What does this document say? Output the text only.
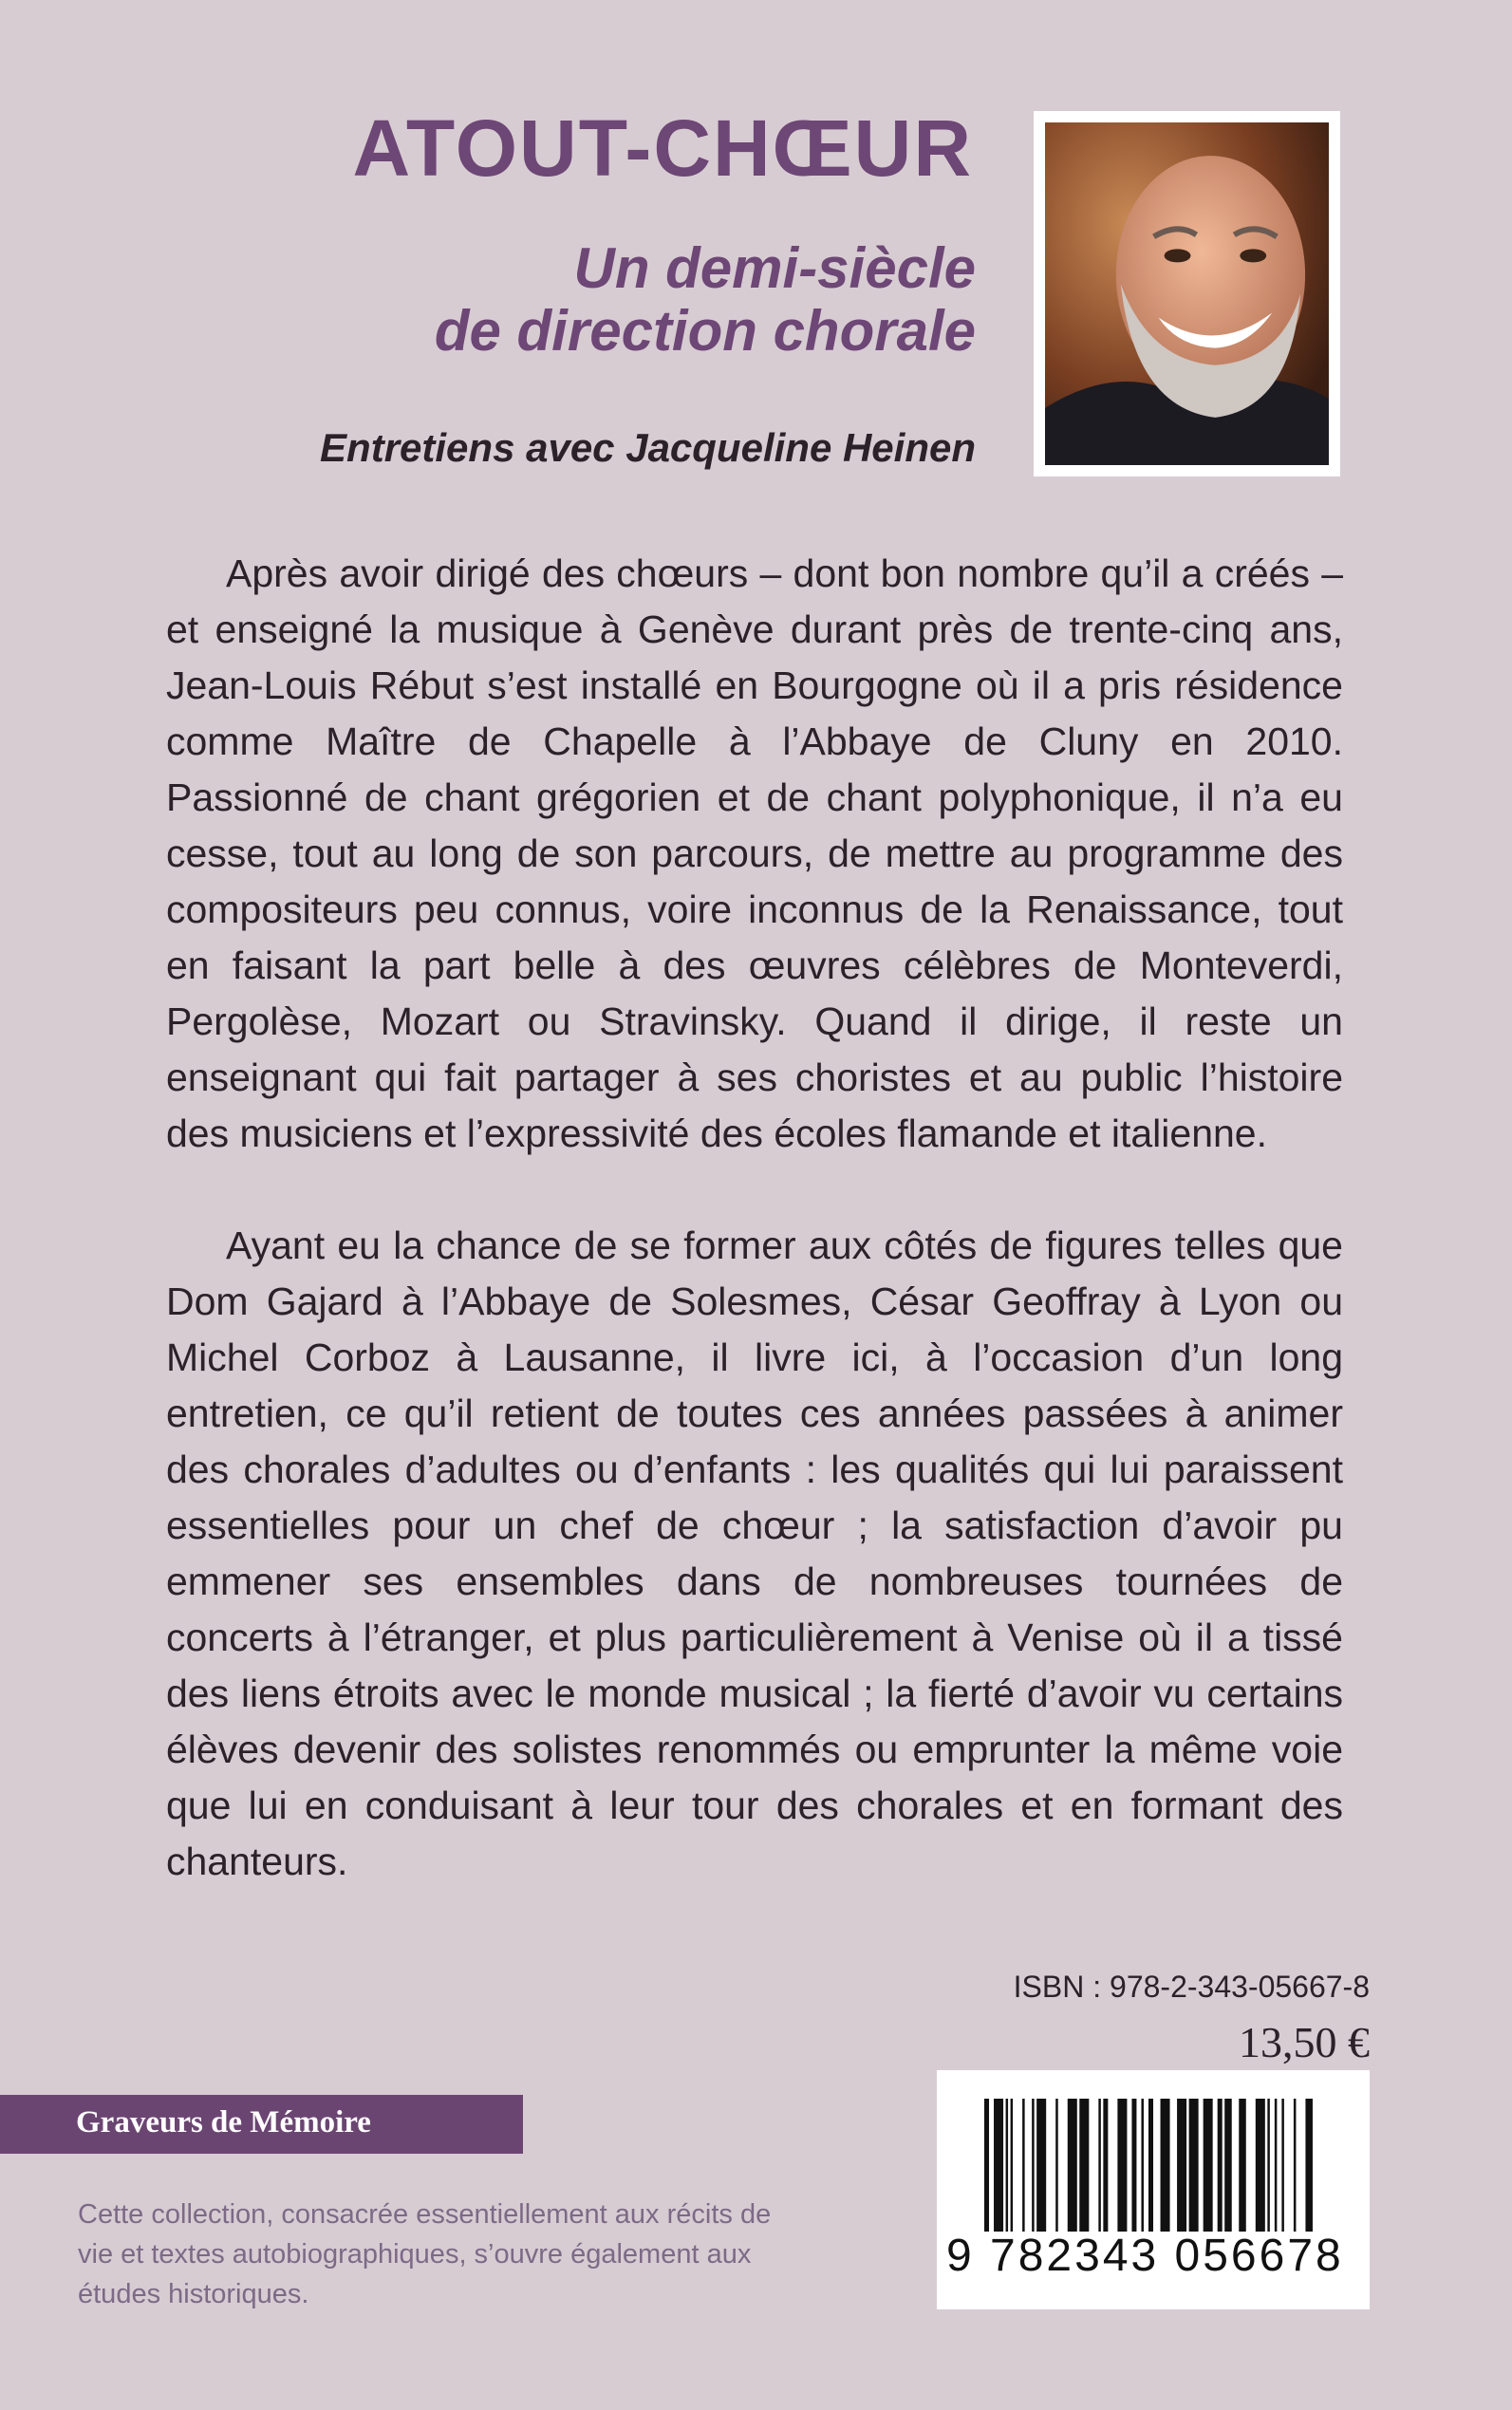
ATOUT-CHŒUR
Un demi-siècle
de direction chorale
Entretiens avec Jacqueline Heinen

Après avoir dirigé des chœurs – dont bon nombre qu’il a créés – et enseigné la musique à Genève durant près de trente-cinq ans, Jean-Louis Rébut s’est installé en Bourgogne où il a pris résidence comme Maître de Chapelle à l’Abbaye de Cluny en 2010. Passionné de chant grégorien et de chant polyphonique, il n’a eu cesse, tout au long de son parcours, de mettre au programme des compositeurs peu connus, voire inconnus de la Renaissance, tout en faisant la part belle à des œuvres célèbres de Monteverdi, Pergolèse, Mozart ou Stravinsky. Quand il dirige, il reste un enseignant qui fait partager à ses choristes et au public l’histoire des musiciens et l’expressivité des écoles flamande et italienne.

Ayant eu la chance de se former aux côtés de figures telles que Dom Gajard à l’Abbaye de Solesmes, César Geoffray à Lyon ou Michel Corboz à Lausanne, il livre ici, à l’occasion d’un long entretien, ce qu’il retient de toutes ces années passées à animer des chorales d’adultes ou d’enfants : les qualités qui lui paraissent essentielles pour un chef de chœur ; la satisfaction d’avoir pu emmener ses ensembles dans de nombreuses tournées de concerts à l’étranger, et plus particulièrement à Venise où il a tissé des liens étroits avec le monde musical ; la fierté d’avoir vu certains élèves devenir des solistes renommés ou emprunter la même voie que lui en conduisant à leur tour des chorales et en formant des chanteurs.

ISBN : 978-2-343-05667-8
13,50 €
Graveurs de Mémoire

Cette collection, consacrée essentiellement aux récits de vie et textes autobiographiques, s’ouvre également aux études historiques.

9 782343 056678
